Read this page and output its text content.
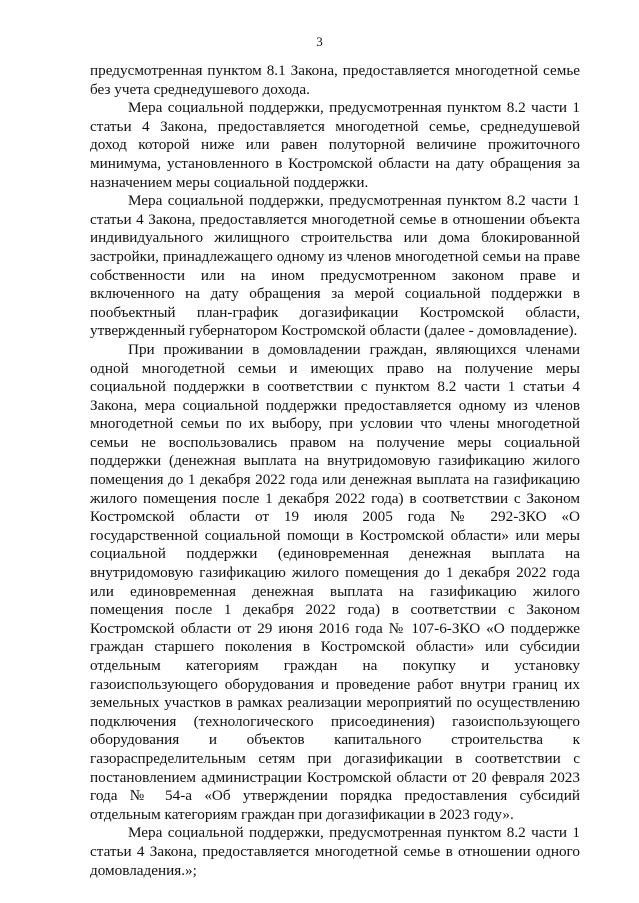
3

предусмотренная пунктом 8.1 Закона, предоставляется многодетной семье без учета среднедушевого дохода.

Мера социальной поддержки, предусмотренная пунктом 8.2 части 1 статьи 4 Закона, предоставляется многодетной семье, среднедушевой доход которой ниже или равен полуторной величине прожиточного минимума, установленного в Костромской области на дату обращения за назначением меры социальной поддержки.

Мера социальной поддержки, предусмотренная пунктом 8.2 части 1 статьи 4 Закона, предоставляется многодетной семье в отношении объекта индивидуального жилищного строительства или дома блокированной застройки, принадлежащего одному из членов многодетной семьи на праве собственности или на ином предусмотренном законом праве и включенного на дату обращения за мерой социальной поддержки в пообъектный план-график догазификации Костромской области, утвержденный губернатором Костромской области (далее - домовладение).

При проживании в домовладении граждан, являющихся членами одной многодетной семьи и имеющих право на получение меры социальной поддержки в соответствии с пунктом 8.2 части 1 статьи 4 Закона, мера социальной поддержки предоставляется одному из членов многодетной семьи по их выбору, при условии что члены многодетной семьи не воспользовались правом на получение меры социальной поддержки (денежная выплата на внутридомовую газификацию жилого помещения до 1 декабря 2022 года или денежная выплата на газификацию жилого помещения после 1 декабря 2022 года) в соответствии с Законом Костромской области от 19 июля 2005 года № 292-ЗКО «О государственной социальной помощи в Костромской области» или меры социальной поддержки (единовременная денежная выплата на внутридомовую газификацию жилого помещения до 1 декабря 2022 года или единовременная денежная выплата на газификацию жилого помещения после 1 декабря 2022 года) в соответствии с Законом Костромской области от 29 июня 2016 года № 107-6-ЗКО «О поддержке граждан старшего поколения в Костромской области» или субсидии отдельным категориям граждан на покупку и установку газоиспользующего оборудования и проведение работ внутри границ их земельных участков в рамках реализации мероприятий по осуществлению подключения (технологического присоединения) газоиспользующего оборудования и объектов капитального строительства к газораспределительным сетям при догазификации в соответствии с постановлением администрации Костромской области от 20 февраля 2023 года № 54-а «Об утверждении порядка предоставления субсидий отдельным категориям граждан при догазификации в 2023 году».

Мера социальной поддержки, предусмотренная пунктом 8.2 части 1 статьи 4 Закона, предоставляется многодетной семье в отношении одного домовладения.»;
